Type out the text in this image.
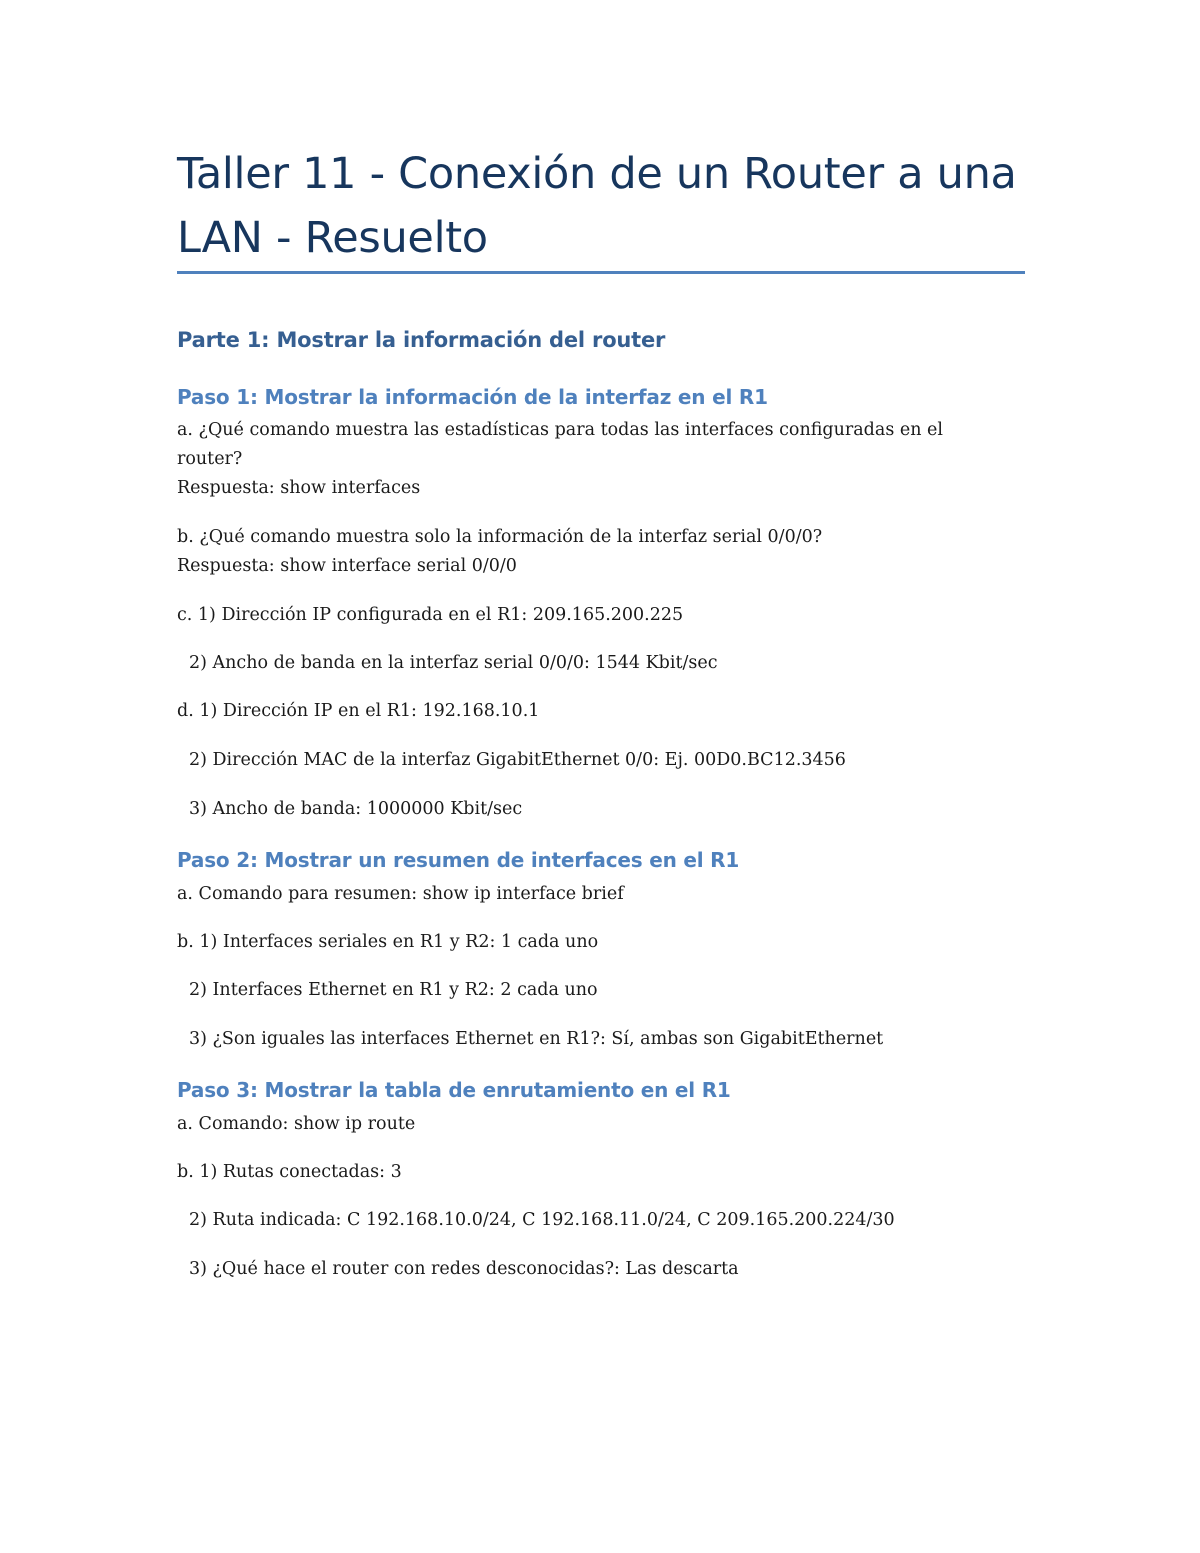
Taller 11 - Conexión de un Router a una
LAN - Resuelto
Parte 1: Mostrar la información del router
Paso 1: Mostrar la información de la interfaz en el R1
a. ¿Qué comando muestra las estadísticas para todas las interfaces configuradas en el
router?
Respuesta: show interfaces
b. ¿Qué comando muestra solo la información de la interfaz serial 0/0/0?
Respuesta: show interface serial 0/0/0
c. 1) Dirección IP configurada en el R1: 209.165.200.225
2) Ancho de banda en la interfaz serial 0/0/0: 1544 Kbit/sec
d. 1) Dirección IP en el R1: 192.168.10.1
2) Dirección MAC de la interfaz GigabitEthernet 0/0: Ej. 00D0.BC12.3456
3) Ancho de banda: 1000000 Kbit/sec
Paso 2: Mostrar un resumen de interfaces en el R1
a. Comando para resumen: show ip interface brief
b. 1) Interfaces seriales en R1 y R2: 1 cada uno
2) Interfaces Ethernet en R1 y R2: 2 cada uno
3) ¿Son iguales las interfaces Ethernet en R1?: Sí, ambas son GigabitEthernet
Paso 3: Mostrar la tabla de enrutamiento en el R1
a. Comando: show ip route
b. 1) Rutas conectadas: 3
2) Ruta indicada: C 192.168.10.0/24, C 192.168.11.0/24, C 209.165.200.224/30
3) ¿Qué hace el router con redes desconocidas?: Las descarta
